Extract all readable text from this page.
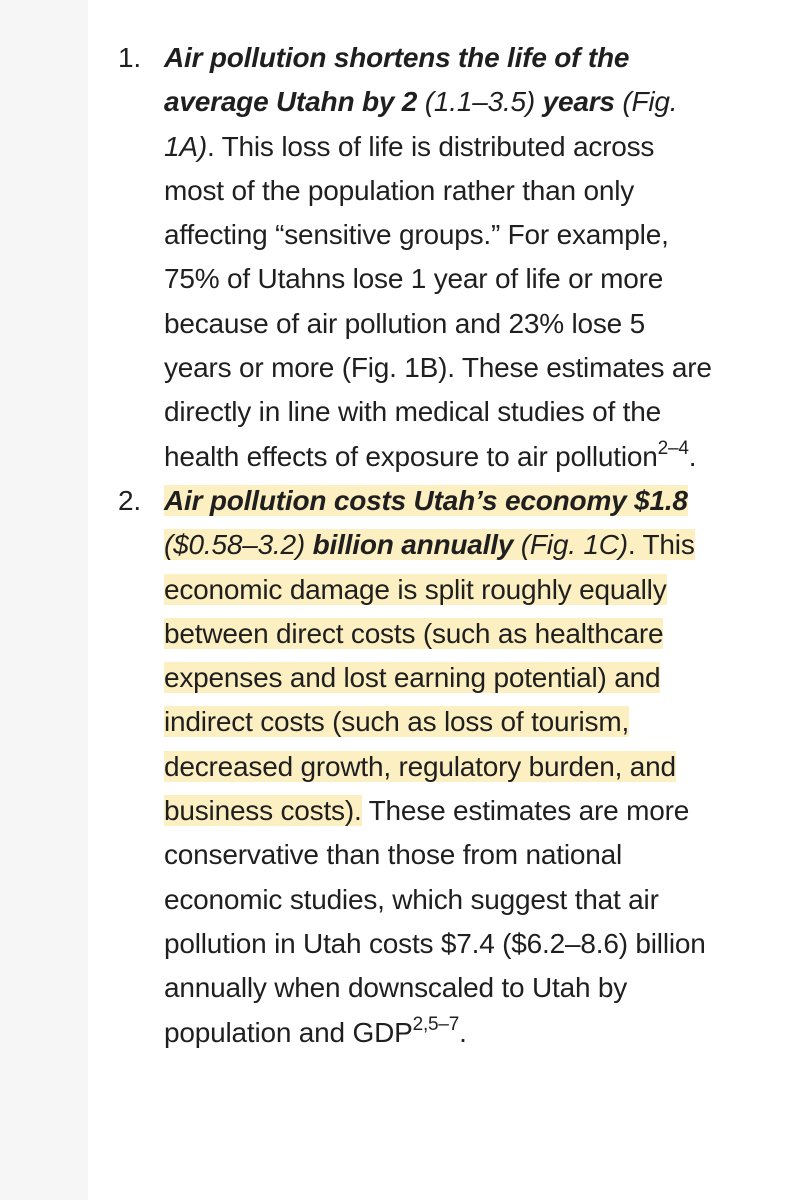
1. Air pollution shortens the life of the average Utahn by 2 (1.1–3.5) years (Fig. 1A). This loss of life is distributed across most of the population rather than only affecting “sensitive groups.” For example, 75% of Utahns lose 1 year of life or more because of air pollution and 23% lose 5 years or more (Fig. 1B). These estimates are directly in line with medical studies of the health effects of exposure to air pollution$^{2-4}$.
2. Air pollution costs Utah’s economy $1.8 ($0.58–3.2) billion annually (Fig. 1C). This economic damage is split roughly equally between direct costs (such as healthcare expenses and lost earning potential) and indirect costs (such as loss of tourism, decreased growth, regulatory burden, and business costs). These estimates are more conservative than those from national economic studies, which suggest that air pollution in Utah costs $7.4 ($6.2–8.6) billion annually when downscaled to Utah by population and GDP$^{2,5-7}$.
